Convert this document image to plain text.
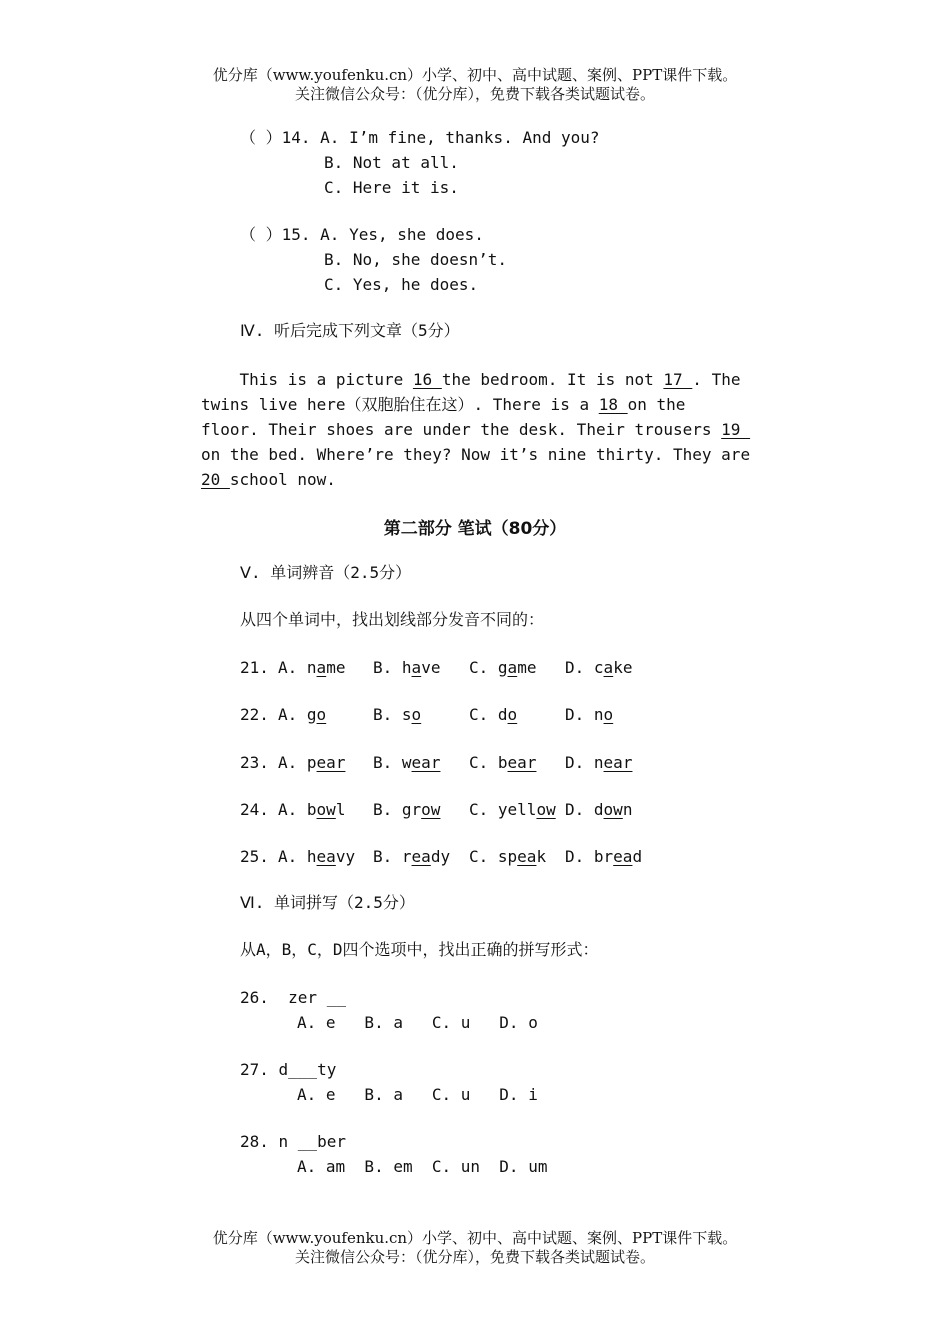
优分库（www.youfenku.cn）小学、初中、高中试题、案例、PPT课件下载。
关注微信公众号：（优分库），免费下载各类试题试卷。
（ ）14. A. I’m fine, thanks. And you?
B. Not at all.
C. Here it is.
（ ）15. A. Yes, she does.
B. No, she doesn’t.
C. Yes, he does.
Ⅳ. 听后完成下列文章（5分）
This is a picture 16 the bedroom. It is not 17 . The
twins live here（双胞胎住在这）. There is a 18 on the
floor. Their shoes are under the desk. Their trousers 19
on the bed. Where’re they? Now it’s nine thirty. They are
20 school now.
第二部分 笔试（80分）
Ⅴ. 单词辨音（2.5分）
从四个单词中，找出划线部分发音不同的：
21. A. name B. have C. game D. cake
22. A. go	B. so	C. do	D. no
23. A. pear B. wear C. bear D. near
24. A. bowl B. grow C. yellow D. down
25. A. heavy B. ready C. speak D. bread
Ⅵ. 单词拼写（2.5分）
从A，B，C，D四个选项中，找出正确的拼写形式：
26.  zer __
A. e   B. a   C. u   D. o
27. d___ty
A. e   B. a   C. u   D. i
28. n __ber
A. am  B. em  C. un  D. um
优分库（www.youfenku.cn）小学、初中、高中试题、案例、PPT课件下载。
关注微信公众号：（优分库），免费下载各类试题试卷。
